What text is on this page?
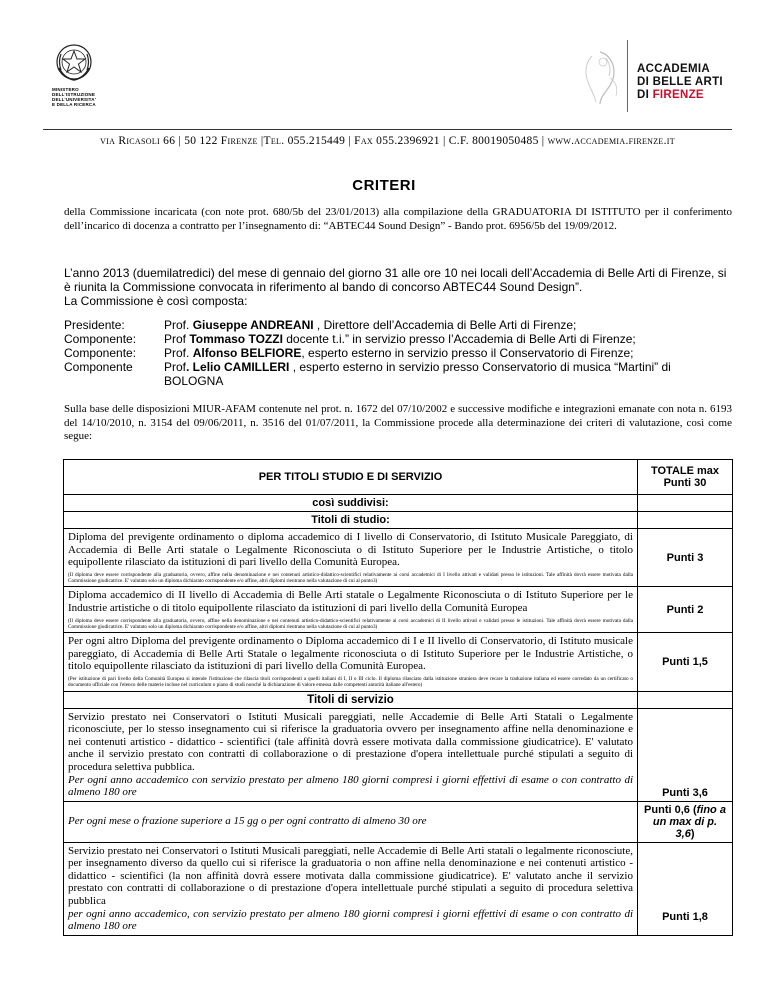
MINISTERO
DELL'ISTRUZIONE
DELL'UNIVERSITA'
E DELLA RICERCA
ACCADEMIA
DI BELLE ARTI
DI FIRENZE
via Ricasoli 66 | 50 122 Firenze |Tel. 055.215449 | Fax 055.2396921 | C.F. 80019050485 | www.accademia.firenze.it
CRITERI
della Commissione incaricata (con note prot. 680/5b del 23/01/2013) alla compilazione della GRADUATORIA DI ISTITUTO per il conferimento dell’incarico di docenza a contratto per l’insegnamento di: “ABTEC44 Sound Design” - Bando prot. 6956/5b del 19/09/2012.
L’anno 2013 (duemilatredici) del mese di gennaio del giorno 31 alle ore 10 nei locali dell’Accademia di Belle Arti di Firenze, si è riunita la Commissione convocata in riferimento al bando di concorso ABTEC44 Sound Design”.
La Commissione è così composta:
Presidente:	Prof. Giuseppe ANDREANI , Direttore dell’Accademia di Belle Arti di Firenze;
Componente:	Prof Tommaso TOZZI docente t.i.” in servizio presso l’Accademia di Belle Arti di Firenze;
Componente:	Prof. Alfonso BELFIORE, esperto esterno in servizio presso il Conservatorio di Firenze;
Componente	Prof. Lelio CAMILLERI , esperto esterno in servizio presso Conservatorio di musica “Martini” di BOLOGNA
Sulla base delle disposizioni MIUR-AFAM contenute nel prot. n. 1672 del 07/10/2002 e successive modifiche e integrazioni emanate con nota n. 6193 del 14/10/2010, n. 3154 del 09/06/2011, n. 3516 del 01/07/2011, la Commissione procede alla determinazione dei criteri di valutazione, così come segue:
PER TITOLI STUDIO E DI SERVIZIO	TOTALE max
Punti 30

così suddivisi:	
Titoli di studio:	

Diploma del previgente ordinamento o diploma accademico di I livello di Conservatorio, di Istituto Musicale Pareggiato, di Accademia di Belle Arti statale o Legalmente Riconosciuta o di Istituto Superiore per le Industrie Artistiche, o titolo equipollente rilasciato da istituzioni di pari livello della Comunità Europea.
(Il diploma deve essere corrispondente alla graduatoria, ovvero, affine nella denominazione e nei contenuti artistico-didattico-scientifici relativamente ai corsi accademici di I livello attivati e validati presso le istituzioni. Tale affinità dovrà essere motivata dalla Commissione giudicatrice. E' valutato solo un diploma dichiarato corrispondente e/o affine, altri diplomi rientrano nella valutazione di cui al punto3)	Punti 3

Diploma accademico di II livello di Accademia di Belle Arti statale o Legalmente Riconosciuta o di Istituto Superiore per le Industrie artistiche o di titolo equipollente rilasciato da istituzioni di pari livello della Comunità Europea
(Il diploma deve essere corrispondente alla graduatoria, ovvero, affine nella denominazione e nei contenuti artistico-didattico-scientifici relativamente ai corsi accademici di II livello attivati e validati presso le istituzioni. Tale affinità dovrà essere motivata dalla Commissione giudicatrice. E' valutato solo un diploma dichiarato corrispondente e/o affine, altri diplomi rientrano nella valutazione di cui al punto3)	Punti 2

Per ogni altro Diploma del previgente ordinamento o Diploma accademico di I e II livello di Conservatorio, di Istituto musicale pareggiato, di Accademia di Belle Arti Statale o legalmente riconosciuta o di Istituto Superiore per le Industrie Artistiche, o titolo equipollente rilasciato da istituzioni di pari livello della Comunità Europea.
(Per istituzione di pari livello della Comunità Europea si intende l'istituzione che rilascia titoli corrispondenti a quelli italiani di I, II o III ciclo. Il diploma rilasciato dalla istituzione straniera deve recare la traduzione italiana ed essere corredato da un certificato o documento ufficiale con l'elenco delle materie incluse nel curriculum o piano di studi nonché la dichiarazione di valore emessa dalle competenti autorità italiane all'estero)	Punti 1,5
Titoli di servizio	

Servizio prestato nei Conservatori o Istituti Musicali pareggiati, nelle Accademie di Belle Arti Statali o Legalmente riconosciute, per lo stesso insegnamento cui si riferisce la graduatoria ovvero per insegnamento affine nella denominazione e nei contenuti artistico - didattico - scientifici (tale affinità dovrà essere motivata dalla commissione giudicatrice). E' valutato anche il servizio prestato con contratti di collaborazione o di prestazione d'opera intellettuale purché stipulati a seguito di procedura selettiva pubblica.
Per ogni anno accademico con servizio prestato per almeno 180 giorni compresi i giorni effettivi di esame o con contratto di almeno 180 ore	Punti 3,6

Per ogni mese o frazione superiore a 15 gg o per ogni contratto di almeno 30 ore	Punti 0,6 (fino a un max di p. 3,6)

Servizio prestato nei Conservatori o Istituti Musicali pareggiati, nelle Accademie di Belle Arti statali o legalmente riconosciute, per insegnamento diverso da quello cui si riferisce la graduatoria o non affine nella denominazione e nei contenuti artistico - didattico - scientifici (la non affinità dovrà essere motivata dalla commissione giudicatrice). E' valutato anche il servizio prestato con contratti di collaborazione o di prestazione d'opera intellettuale purché stipulati a seguito di procedura selettiva pubblica
per ogni anno accademico, con servizio prestato per almeno 180 giorni compresi i giorni effettivi di esame o con contratto di almeno 180 ore	Punti 1,8
